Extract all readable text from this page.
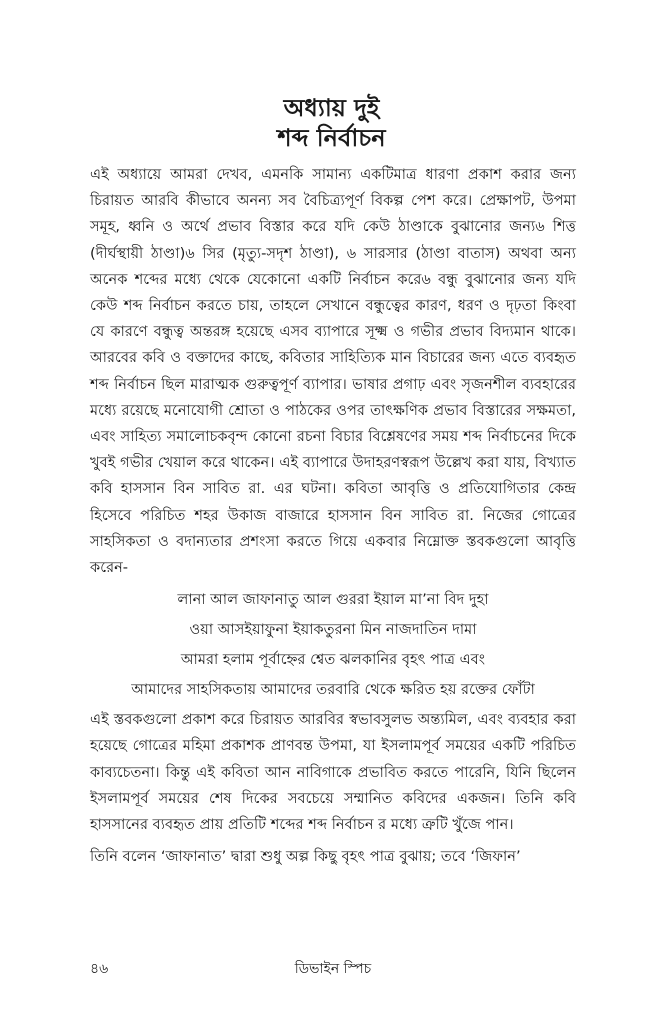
অধ্যায় দুই
শব্দ নির্বাচন

এই অধ্যায়ে আমরা দেখব, এমনকি সামান্য একটিমাত্র ধারণা প্রকাশ করার জন্য চিরায়ত আরবি কীভাবে অনন্য সব বৈচিত্র্যপূর্ণ বিকল্প পেশ করে। প্রেক্ষাপট, উপমা সমূহ, ধ্বনি ও অর্থে প্রভাব বিস্তার করে যদি কেউ ঠাণ্ডাকে বুঝানোর জন্য৬ শিত্ত (দীর্ঘস্থায়ী ঠাণ্ডা)৬ সির (মৃত্যু-সদৃশ ঠাণ্ডা), ৬ সারসার (ঠাণ্ডা বাতাস) অথবা অন্য অনেক শব্দের মধ্যে থেকে যেকোনো একটি নির্বাচন করে৬ বন্ধু বুঝানোর জন্য যদি কেউ শব্দ নির্বাচন করতে চায়, তাহলে সেখানে বন্ধুত্বের কারণ, ধরণ ও দৃঢ়তা কিংবা যে কারণে বন্ধুত্ব অন্তরঙ্গ হয়েছে এসব ব্যাপারে সূক্ষ্ম ও গভীর প্রভাব বিদ্যমান থাকে। আরবের কবি ও বক্তাদের কাছে, কবিতার সাহিত্যিক মান বিচারের জন্য এতে ব্যবহৃত শব্দ নির্বাচন ছিল মারাত্মক গুরুত্বপূর্ণ ব্যাপার। ভাষার প্রগাঢ় এবং সৃজনশীল ব্যবহারের মধ্যে রয়েছে মনোযোগী শ্রোতা ও পাঠকের ওপর তাৎক্ষণিক প্রভাব বিস্তারের সক্ষমতা, এবং সাহিত্য সমালোচকবৃন্দ কোনো রচনা বিচার বিশ্লেষণের সময় শব্দ নির্বাচনের দিকে খুবই গভীর খেয়াল করে থাকেন। এই ব্যাপারে উদাহরণস্বরূপ উল্লেখ করা যায়, বিখ্যাত কবি হাসসান বিন সাবিত রা. এর ঘটনা। কবিতা আবৃত্তি ও প্রতিযোগিতার কেন্দ্র হিসেবে পরিচিত শহর উকাজ বাজারে হাসসান বিন সাবিত রা. নিজের গোত্রের সাহসিকতা ও বদান্যতার প্রশংসা করতে গিয়ে একবার নিম্নোক্ত স্তবকগুলো আবৃত্তি করেন-

লানা আল জাফানাতু আল গুররা ইয়াল মা’না বিদ দুহা

ওয়া আসইয়াফুনা ইয়াকতুরনা মিন নাজদাতিন দামা

আমরা হলাম পূর্বাহ্নের শ্বেত ঝলকানির বৃহৎ পাত্র এবং

আমাদের সাহসিকতায় আমাদের তরবারি থেকে ক্ষরিত হয় রক্তের ফোঁটা

এই স্তবকগুলো প্রকাশ করে চিরায়ত আরবির স্বভাবসুলভ অন্ত্যমিল, এবং ব্যবহার করা হয়েছে গোত্রের মহিমা প্রকাশক প্রাণবন্ত উপমা, যা ইসলামপূর্ব সময়ের একটি পরিচিত কাব্যচেতনা। কিন্তু এই কবিতা আন নাবিগাকে প্রভাবিত করতে পারেনি, যিনি ছিলেন ইসলামপূর্ব সময়ের শেষ দিকের সবচেয়ে সম্মানিত কবিদের একজন। তিনি কবি হাসসানের ব্যবহৃত প্রায় প্রতিটি শব্দের শব্দ নির্বাচন র মধ্যে ত্রুটি খুঁজে পান।

তিনি বলেন ‘জাফানাত’ দ্বারা শুধু অল্প কিছু বৃহৎ পাত্র বুঝায়; তবে ‘জিফান’

৪৬	ডিভাইন স্পিচ
